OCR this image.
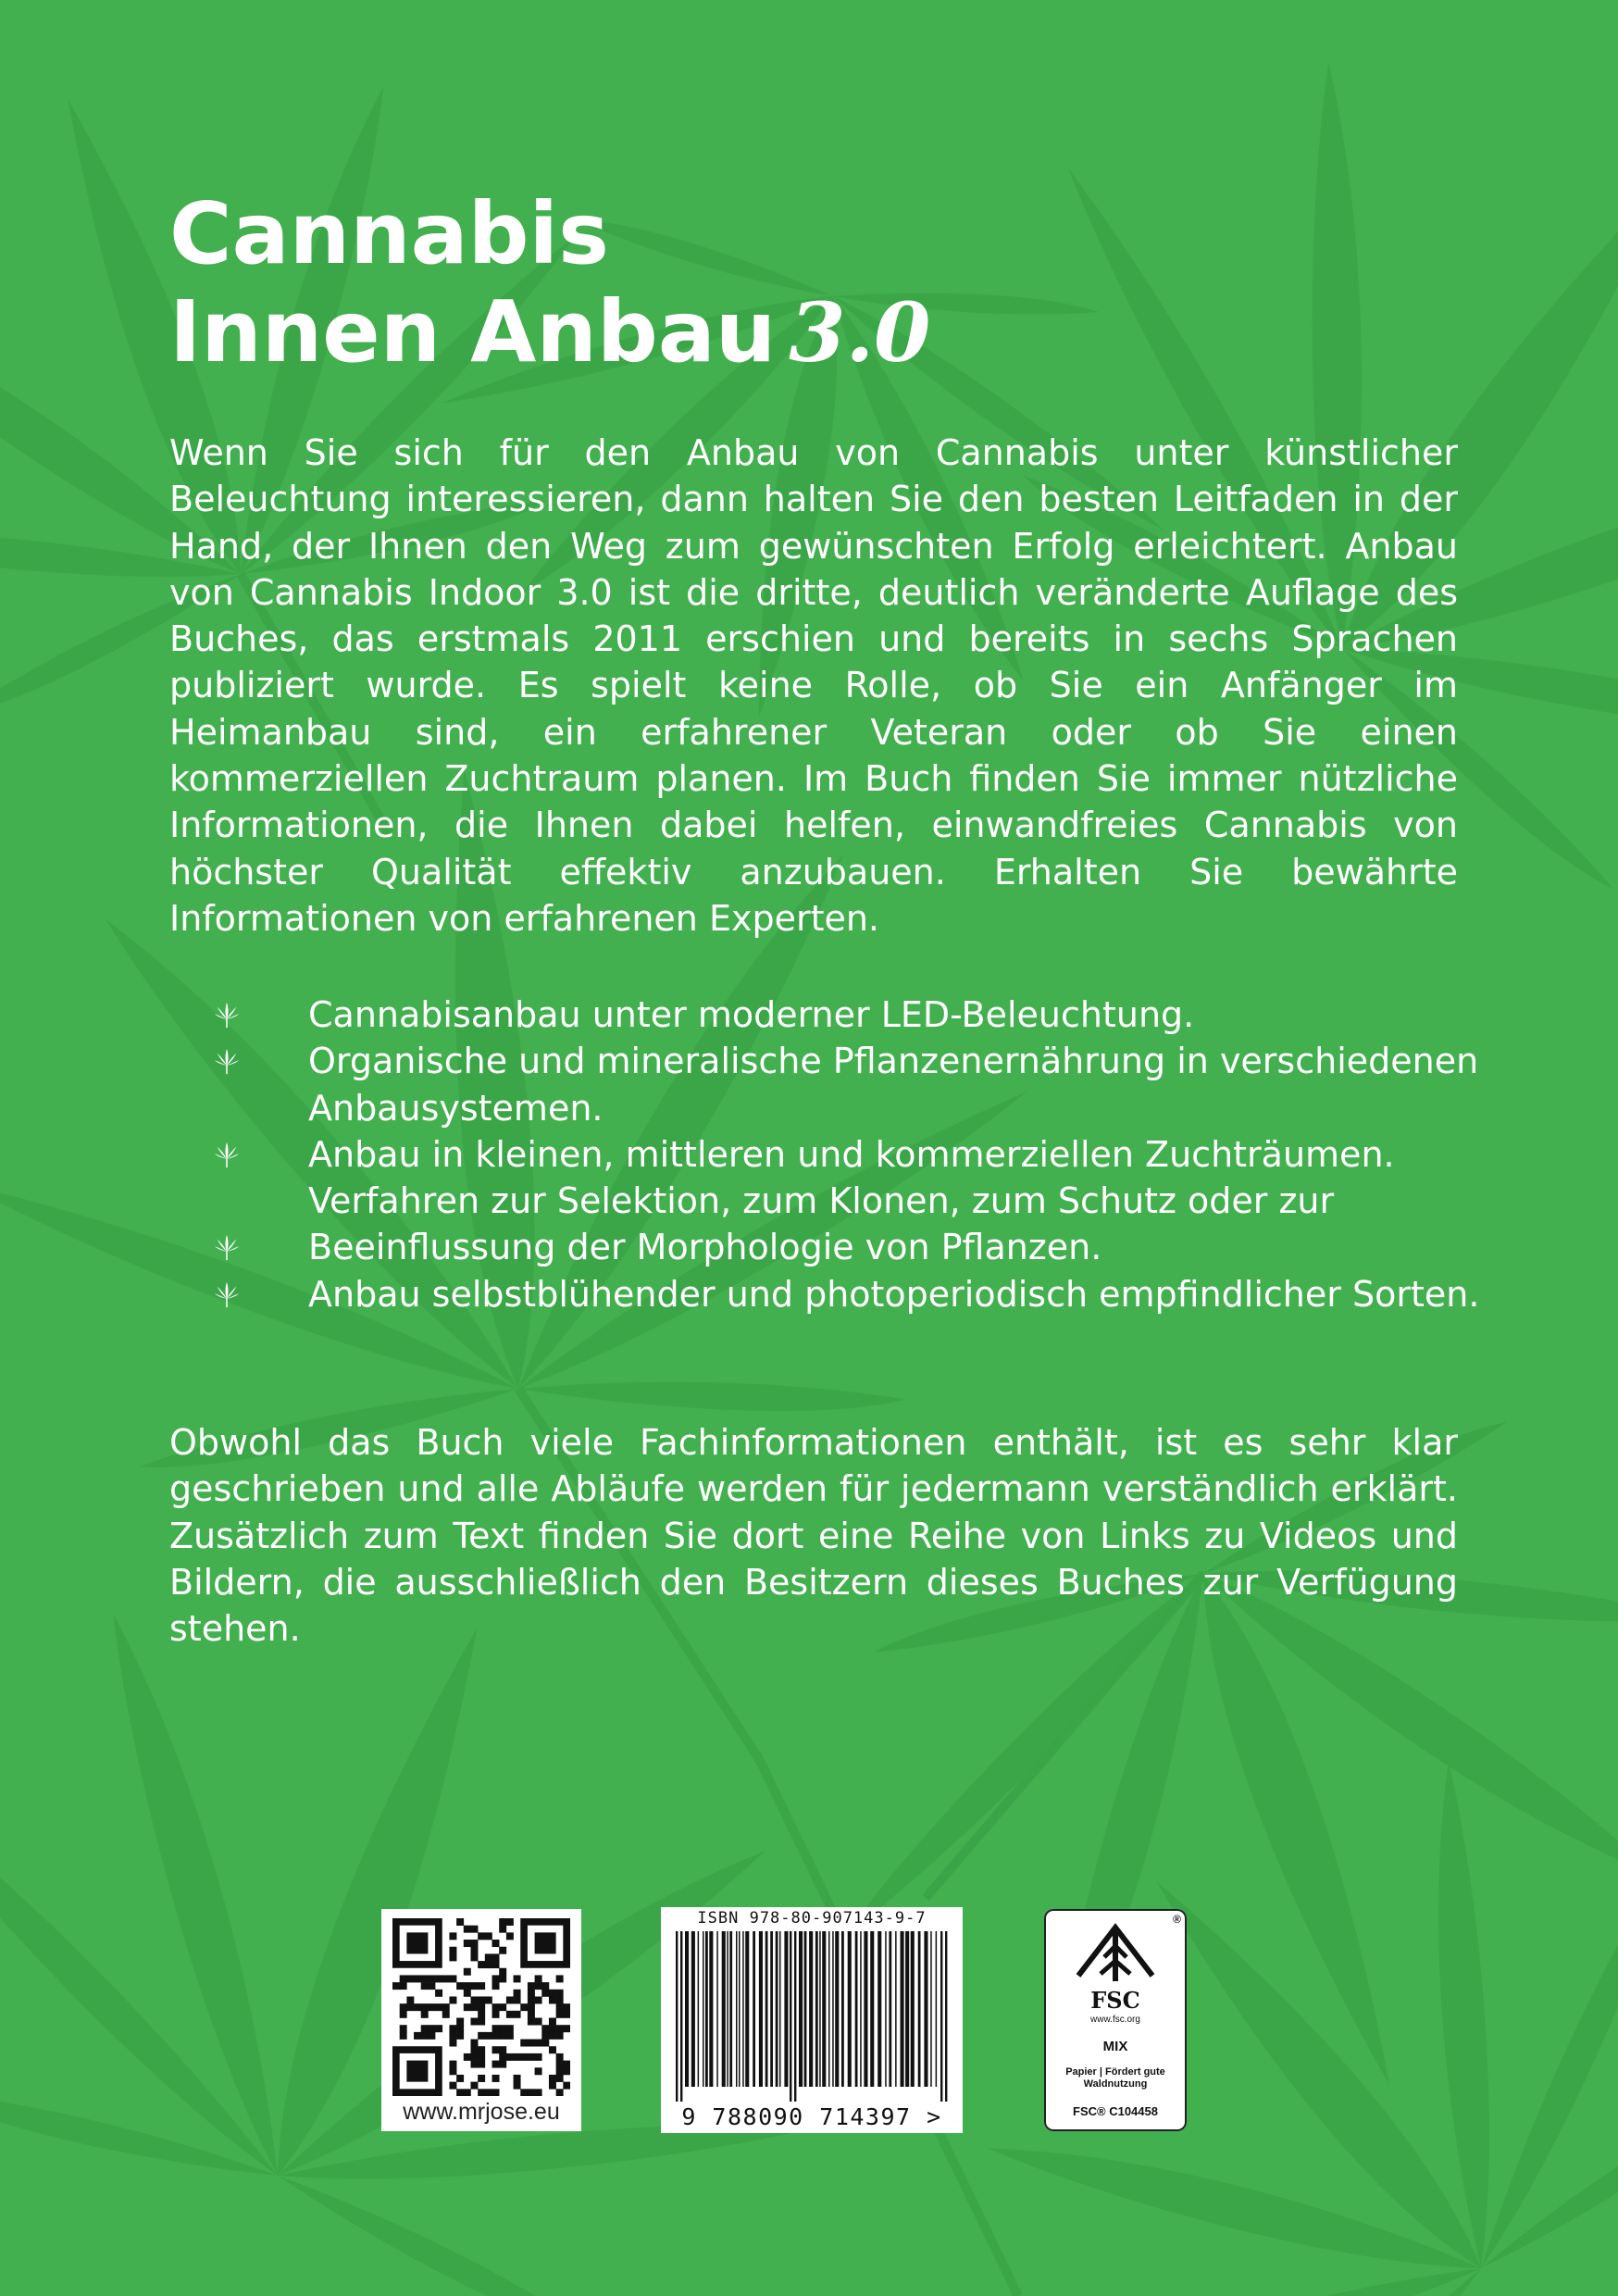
Cannabis
Innen Anbau 3.0

Wenn Sie sich für den Anbau von Cannabis unter künstlicher Beleuchtung interessieren, dann halten Sie den besten Leitfaden in der Hand, der Ihnen den Weg zum gewünschten Erfolg erleichtert. Anbau von Cannabis Indoor 3.0 ist die dritte, deutlich veränderte Auflage des Buches, das erstmals 2011 erschien und bereits in sechs Sprachen publiziert wurde. Es spielt keine Rolle, ob Sie ein Anfänger im Heimanbau sind, ein erfahrener Veteran oder ob Sie einen kommerziellen Zuchtraum planen. Im Buch finden Sie immer nützliche Informationen, die Ihnen dabei helfen, einwandfreies Cannabis von höchster Qualität effektiv anzubauen. Erhalten Sie bewährte Informationen von erfahrenen Experten.

Cannabisanbau unter moderner LED-Beleuchtung.
Organische und mineralische Pflanzenernährung in verschiedenen Anbausystemen.
Anbau in kleinen, mittleren und kommerziellen Zuchträumen. Verfahren zur Selektion, zum Klonen, zum Schutz oder zur
Beeinflussung der Morphologie von Pflanzen.
Anbau selbstblühender und photoperiodisch empfindlicher Sorten.

Obwohl das Buch viele Fachinformationen enthält, ist es sehr klar geschrieben und alle Abläufe werden für jedermann verständlich erklärt. Zusätzlich zum Text finden Sie dort eine Reihe von Links zu Videos und Bildern, die ausschließlich den Besitzern dieses Buches zur Verfügung stehen.

www.mrjose.eu
ISBN 978-80-907143-9-7
9 788090 714397 >
®
FSC
www.fsc.org
MIX
Papier | Fördert gute Waldnutzung
FSC® C104458
